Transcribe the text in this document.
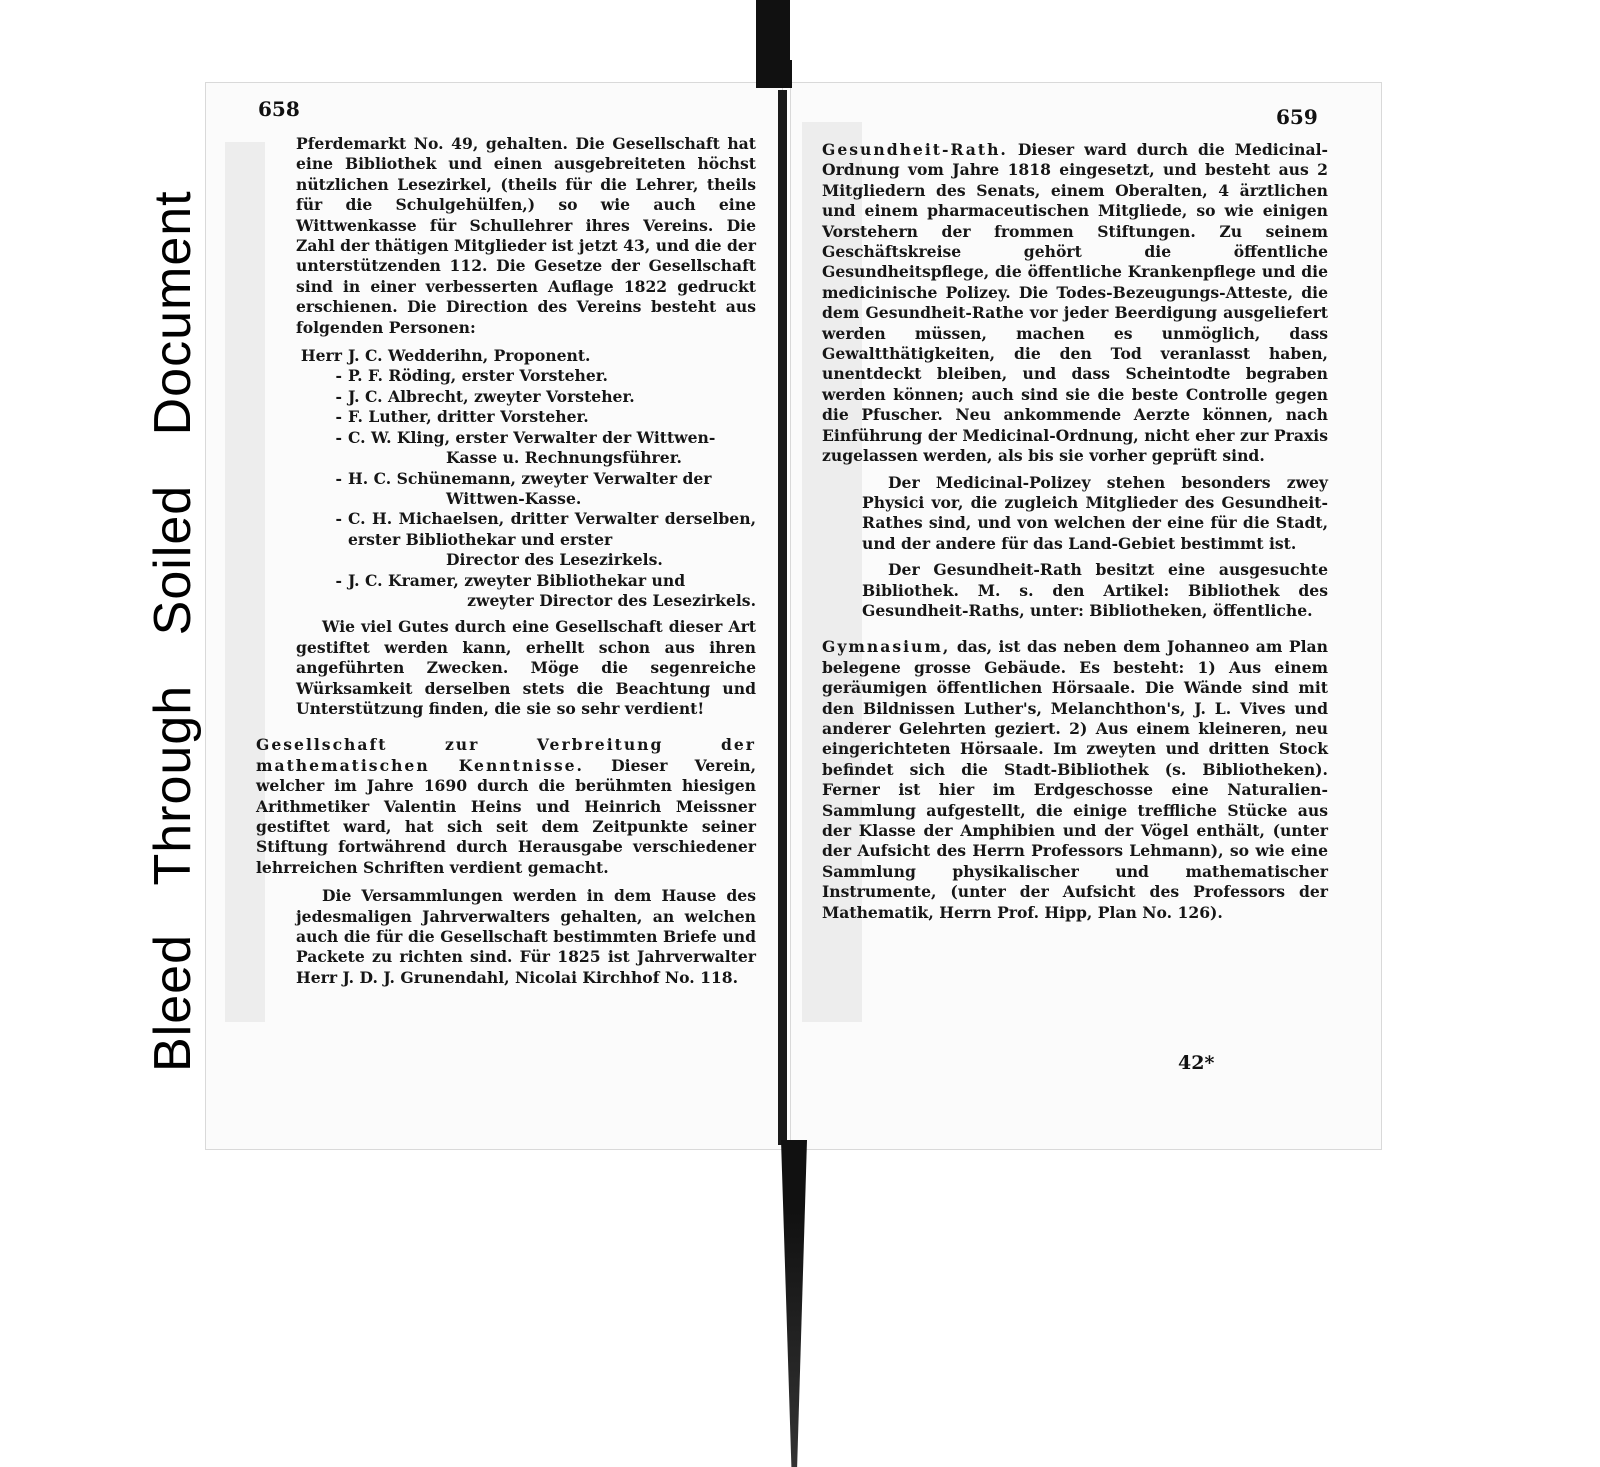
Bleed Through Soiled Document
658	659

Pferdemarkt No. 49, gehalten. Die Gesellschaft hat eine Bibliothek und einen ausgebreiteten höchst nützlichen Lesezirkel, (theils für die Lehrer, theils für die Schulgehülfen,) so wie auch eine Wittwenkasse für Schullehrer ihres Vereins. Die Zahl der thätigen Mitglieder ist jetzt 43, und die der unterstützenden 112. Die Gesetze der Gesellschaft sind in einer verbesserten Auflage 1822 gedruckt erschienen. Die Direction des Vereins besteht aus folgenden Personen:

Herr J. C. Wedderihn, Proponent.
- P. F. Röding, erster Vorsteher.
- J. C. Albrecht, zweyter Vorsteher.
- F. Luther, dritter Vorsteher.
- C. W. Kling, erster Verwalter der Wittwen-
Kasse u. Rechnungsführer.
- H. C. Schünemann, zweyter Verwalter der
Wittwen-Kasse.
- C. H. Michaelsen, dritter Verwalter derselben, erster Bibliothekar und erster
Director des Lesezirkels.
- J. C. Kramer, zweyter Bibliothekar und
zweyter Director des Lesezirkels.

Wie viel Gutes durch eine Gesellschaft dieser Art gestiftet werden kann, erhellt schon aus ihren angeführten Zwecken. Möge die segenreiche Würksamkeit derselben stets die Beachtung und Unterstützung finden, die sie so sehr verdient!

Gesellschaft zur Verbreitung der mathematischen Kenntnisse. Dieser Verein, welcher im Jahre 1690 durch die berühmten hiesigen Arithmetiker Valentin Heins und Heinrich Meissner gestiftet ward, hat sich seit dem Zeitpunkte seiner Stiftung fortwährend durch Herausgabe verschiedener lehrreichen Schriften verdient gemacht.

Die Versammlungen werden in dem Hause des jedesmaligen Jahrverwalters gehalten, an welchen auch die für die Gesellschaft bestimmten Briefe und Packete zu richten sind. Für 1825 ist Jahrverwalter Herr J. D. J. Grunendahl, Nicolai Kirchhof No. 118.

Gesundheit-Rath. Dieser ward durch die Medicinal-Ordnung vom Jahre 1818 eingesetzt, und besteht aus 2 Mitgliedern des Senats, einem Oberalten, 4 ärztlichen und einem pharmaceutischen Mitgliede, so wie einigen Vorstehern der frommen Stiftungen. Zu seinem Geschäftskreise gehört die öffentliche Gesundheitspflege, die öffentliche Krankenpflege und die medicinische Polizey. Die Todes-Bezeugungs-Atteste, die dem Gesundheit-Rathe vor jeder Beerdigung ausgeliefert werden müssen, machen es unmöglich, dass Gewaltthätigkeiten, die den Tod veranlasst haben, unentdeckt bleiben, und dass Scheintodte begraben werden können; auch sind sie die beste Controlle gegen die Pfuscher. Neu ankommende Aerzte können, nach Einführung der Medicinal-Ordnung, nicht eher zur Praxis zugelassen werden, als bis sie vorher geprüft sind.

Der Medicinal-Polizey stehen besonders zwey Physici vor, die zugleich Mitglieder des Gesundheit-Rathes sind, und von welchen der eine für die Stadt, und der andere für das Land-Gebiet bestimmt ist.

Der Gesundheit-Rath besitzt eine ausgesuchte Bibliothek. M. s. den Artikel: Bibliothek des Gesundheit-Raths, unter: Bibliotheken, öffentliche.

Gymnasium, das, ist das neben dem Johanneo am Plan belegene grosse Gebäude. Es besteht: 1) Aus einem geräumigen öffentlichen Hörsaale. Die Wände sind mit den Bildnissen Luther's, Melanchthon's, J. L. Vives und anderer Gelehrten geziert. 2) Aus einem kleineren, neu eingerichteten Hörsaale. Im zweyten und dritten Stock befindet sich die Stadt-Bibliothek (s. Bibliotheken). Ferner ist hier im Erdgeschosse eine Naturalien-Sammlung aufgestellt, die einige treffliche Stücke aus der Klasse der Amphibien und der Vögel enthält, (unter der Aufsicht des Herrn Professors Lehmann), so wie eine Sammlung physikalischer und mathematischer Instrumente, (unter der Aufsicht des Professors der Mathematik, Herrn Prof. Hipp, Plan No. 126).

42*
